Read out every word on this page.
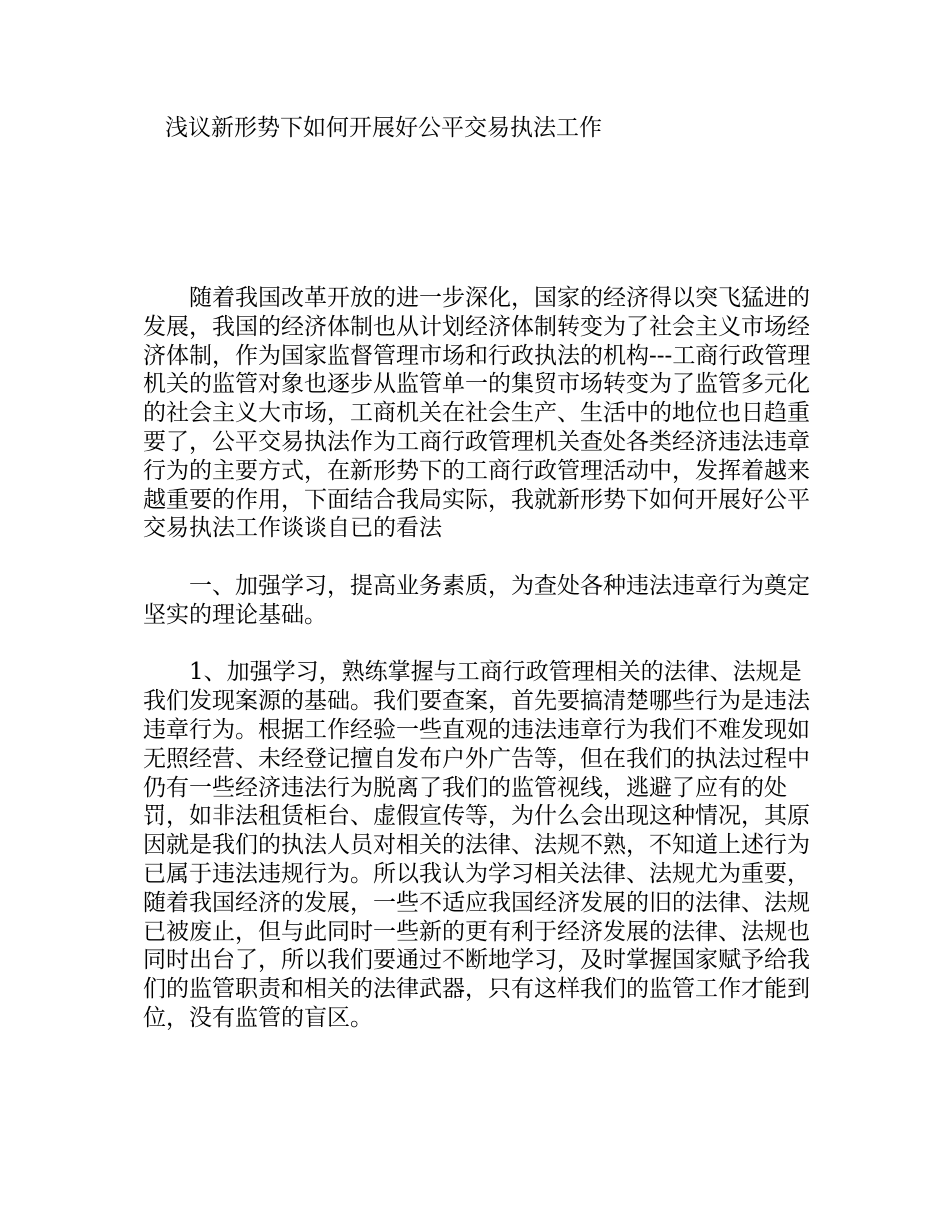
浅议新形势下如何开展好公平交易执法工作

随着我国改革开放的进一步深化，国家的经济得以突飞猛进的发展，我国的经济体制也从计划经济体制转变为了社会主义市场经济体制，作为国家监督管理市场和行政执法的机构---工商行政管理机关的监管对象也逐步从监管单一的集贸市场转变为了监管多元化的社会主义大市场，工商机关在社会生产、生活中的地位也日趋重要了，公平交易执法作为工商行政管理机关查处各类经济违法违章行为的主要方式，在新形势下的工商行政管理活动中，发挥着越来越重要的作用，下面结合我局实际，我就新形势下如何开展好公平交易执法工作谈谈自已的看法

一、加强学习，提高业务素质，为查处各种违法违章行为奠定坚实的理论基础。

1、加强学习，熟练掌握与工商行政管理相关的法律、法规是我们发现案源的基础。我们要查案，首先要搞清楚哪些行为是违法违章行为。根据工作经验一些直观的违法违章行为我们不难发现如无照经营、未经登记擅自发布户外广告等，但在我们的执法过程中仍有一些经济违法行为脱离了我们的监管视线，逃避了应有的处罚，如非法租赁柜台、虚假宣传等，为什么会出现这种情况，其原因就是我们的执法人员对相关的法律、法规不熟，不知道上述行为已属于违法违规行为。所以我认为学习相关法律、法规尤为重要，随着我国经济的发展，一些不适应我国经济发展的旧的法律、法规已被废止，但与此同时一些新的更有利于经济发展的法律、法规也同时出台了，所以我们要通过不断地学习，及时掌握国家赋予给我们的监管职责和相关的法律武器，只有这样我们的监管工作才能到位，没有监管的盲区。
